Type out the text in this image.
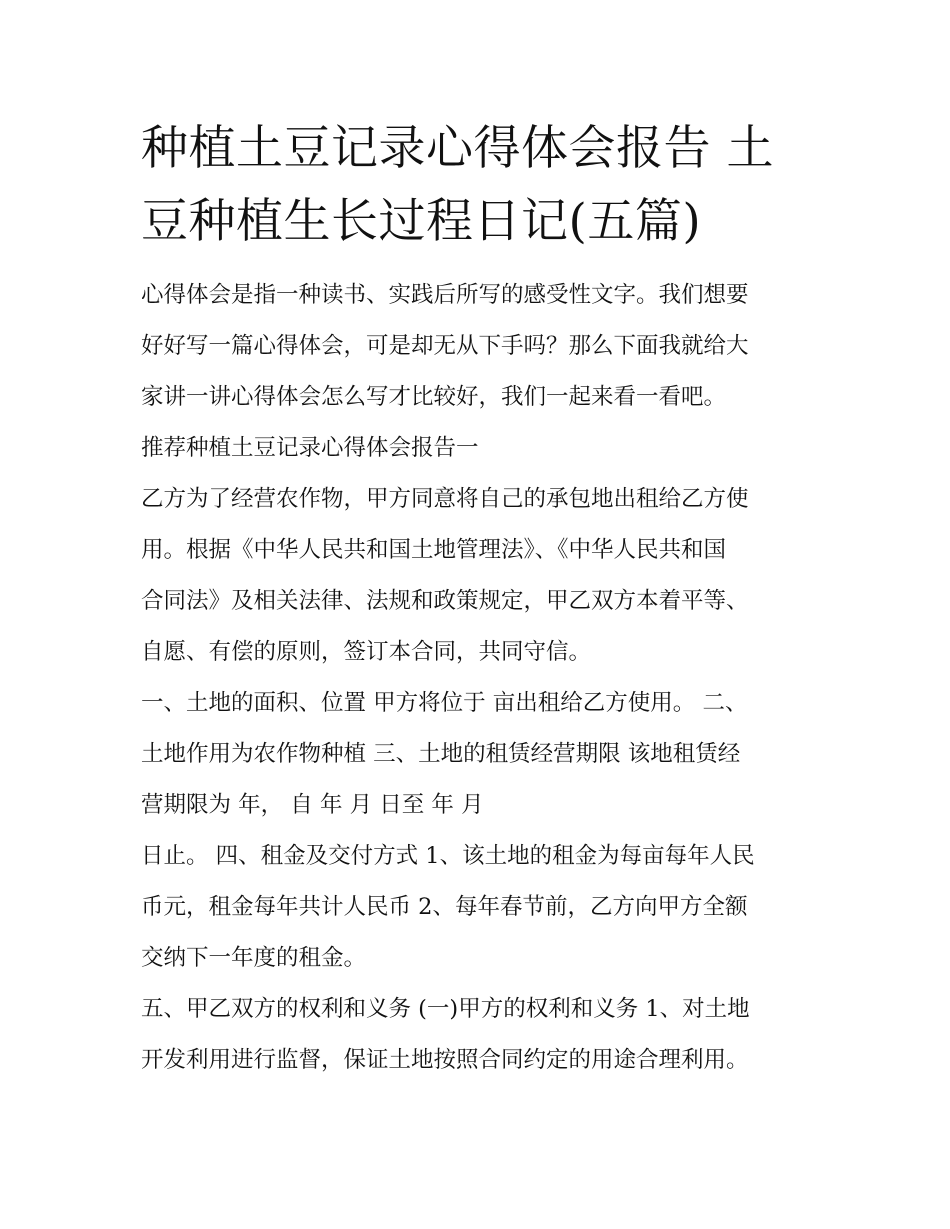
种植土豆记录心得体会报告 土
豆种植生长过程日记(五篇)

心得体会是指一种读书、实践后所写的感受性文字。我们想要
好好写一篇心得体会，可是却无从下手吗？那么下面我就给大
家讲一讲心得体会怎么写才比较好，我们一起来看一看吧。

推荐种植土豆记录心得体会报告一

乙方为了经营农作物，甲方同意将自己的承包地出租给乙方使
用。根据《中华人民共和国土地管理法》、《中华人民共和国
合同法》及相关法律、法规和政策规定，甲乙双方本着平等、
自愿、有偿的原则，签订本合同，共同守信。

一、土地的面积、位置 甲方将位于 亩出租给乙方使用。 二、
土地作用为农作物种植 三、土地的租赁经营期限 该地租赁经
营期限为 年， 自 年 月 日至 年 月

日止。 四、租金及交付方式 1、该土地的租金为每亩每年人民
币元，租金每年共计人民币 2、每年春节前，乙方向甲方全额
交纳下一年度的租金。

五、甲乙双方的权利和义务 (一)甲方的权利和义务 1、对土地
开发利用进行监督，保证土地按照合同约定的用途合理利用。
